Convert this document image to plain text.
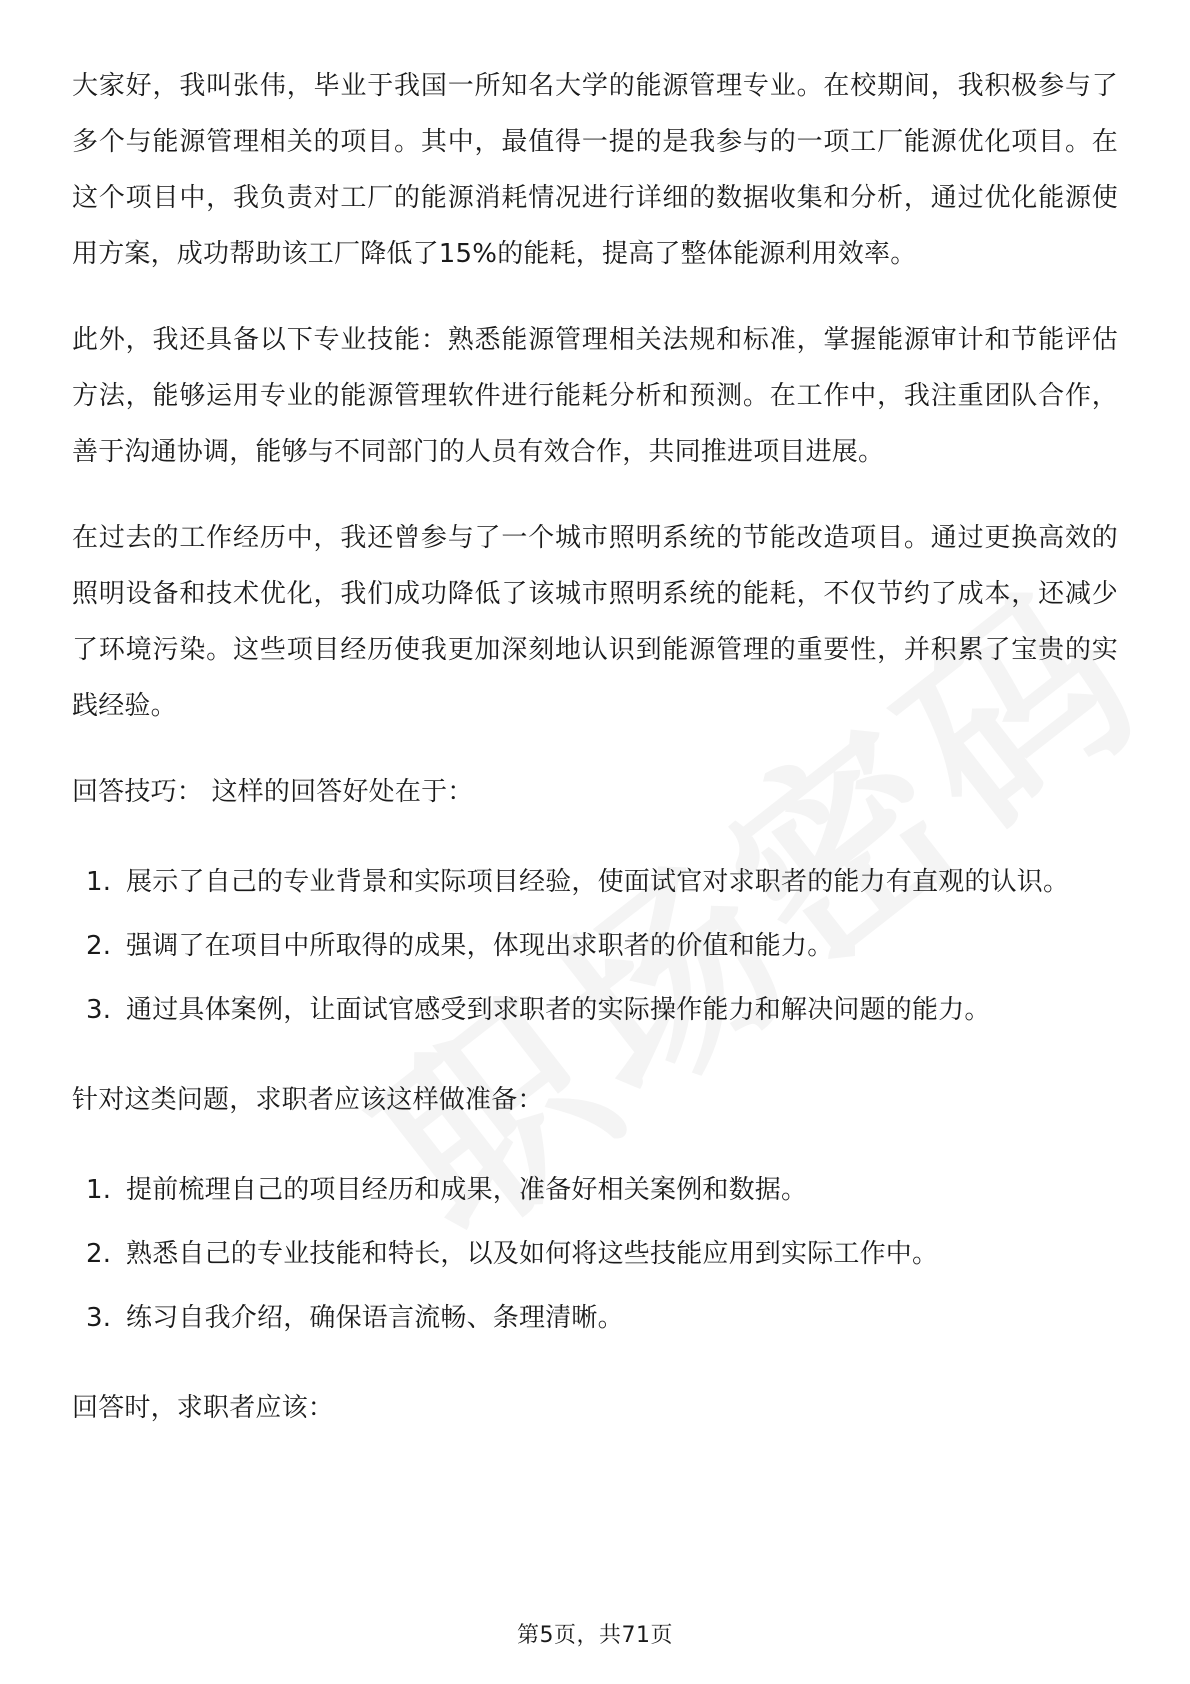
大家好，我叫张伟，毕业于我国一所知名大学的能源管理专业。在校期间，我积极参与了多个与能源管理相关的项目。其中，最值得一提的是我参与的一项工厂能源优化项目。在这个项目中，我负责对工厂的能源消耗情况进行详细的数据收集和分析，通过优化能源使用方案，成功帮助该工厂降低了15%的能耗，提高了整体能源利用效率。

此外，我还具备以下专业技能：熟悉能源管理相关法规和标准，掌握能源审计和节能评估方法，能够运用专业的能源管理软件进行能耗分析和预测。在工作中，我注重团队合作，善于沟通协调，能够与不同部门的人员有效合作，共同推进项目进展。

在过去的工作经历中，我还曾参与了一个城市照明系统的节能改造项目。通过更换高效的照明设备和技术优化，我们成功降低了该城市照明系统的能耗，不仅节约了成本，还减少了环境污染。这些项目经历使我更加深刻地认识到能源管理的重要性，并积累了宝贵的实践经验。

回答技巧： 这样的回答好处在于：

1. 展示了自己的专业背景和实际项目经验，使面试官对求职者的能力有直观的认识。
2. 强调了在项目中所取得的成果，体现出求职者的价值和能力。
3. 通过具体案例，让面试官感受到求职者的实际操作能力和解决问题的能力。

针对这类问题，求职者应该这样做准备：

1. 提前梳理自己的项目经历和成果，准备好相关案例和数据。
2. 熟悉自己的专业技能和特长，以及如何将这些技能应用到实际工作中。
3. 练习自我介绍，确保语言流畅、条理清晰。

回答时，求职者应该：

第5页，共71页
